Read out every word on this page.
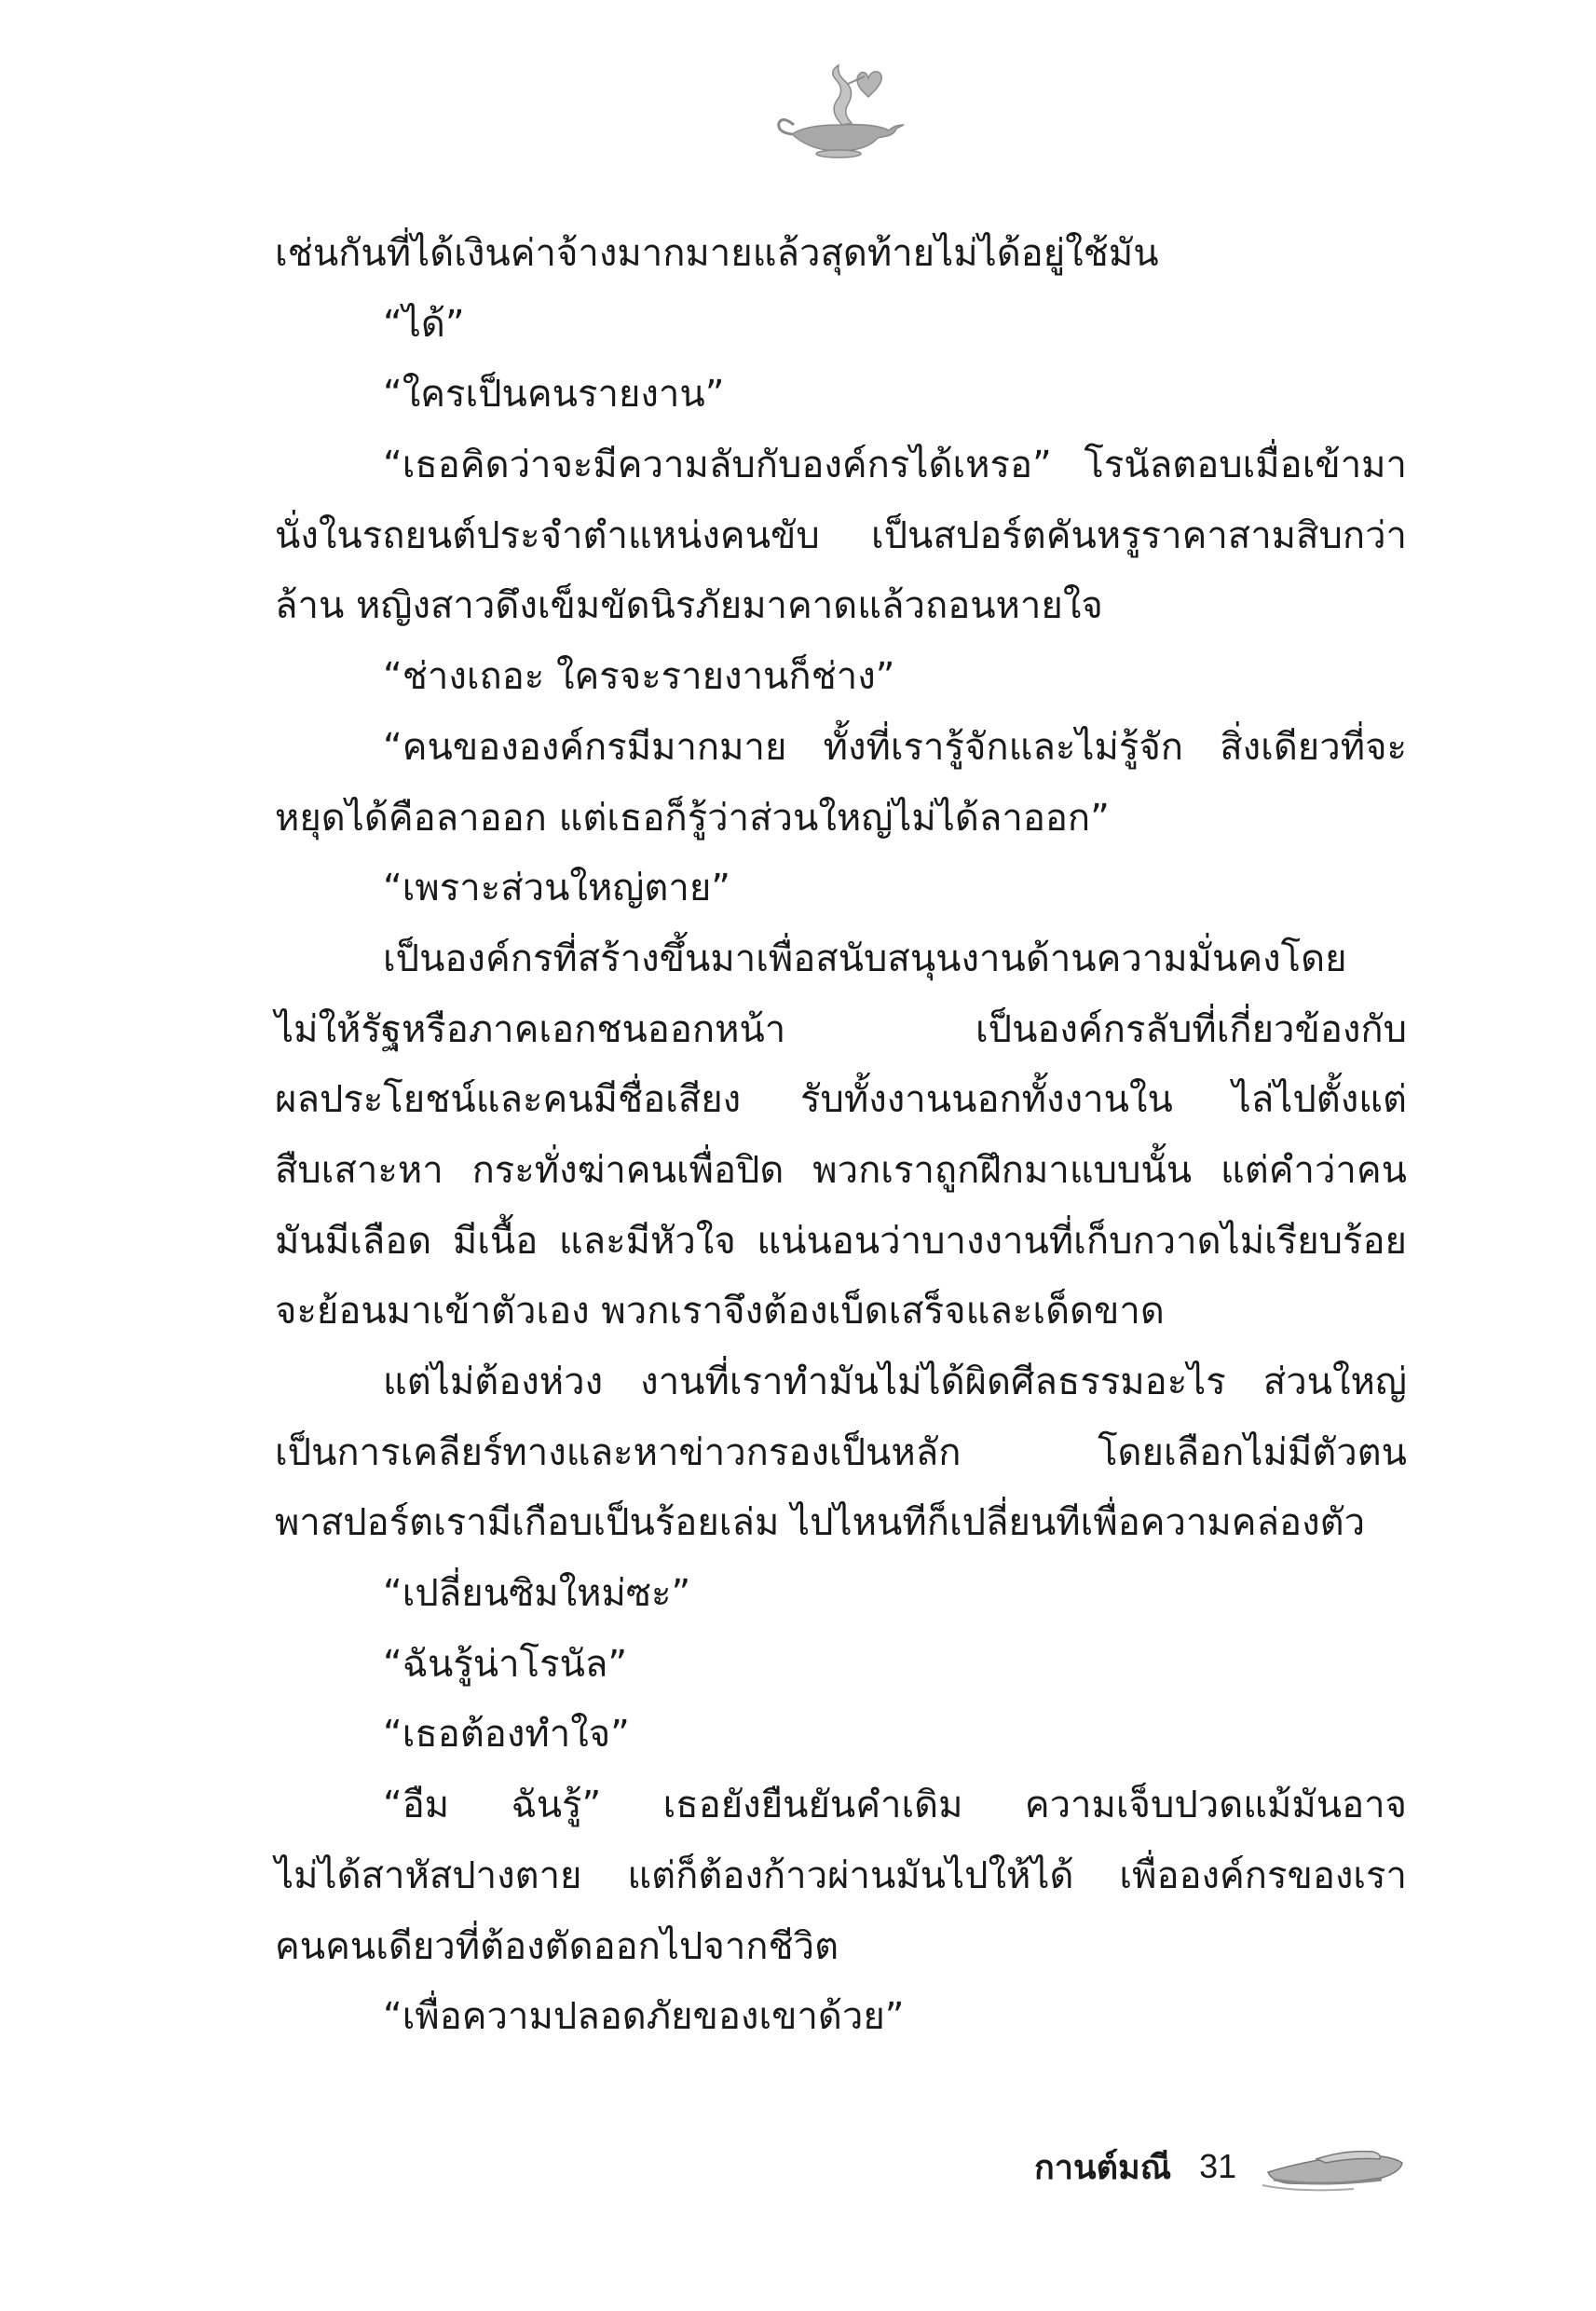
เช่นกันที่ได้เงินค่าจ้างมากมายแล้วสุดท้ายไม่ได้อยู่ใช้มัน
“ได้”
“ใครเป็นคนรายงาน”
“เธอคิดว่าจะมีความลับกับองค์กรได้เหรอ” โรนัลตอบเมื่อเข้ามา
นั่งในรถยนต์ประจำตำแหน่งคนขับ เป็นสปอร์ตคันหรูราคาสามสิบกว่า
ล้าน หญิงสาวดึงเข็มขัดนิรภัยมาคาดแล้วถอนหายใจ
“ช่างเถอะ ใครจะรายงานก็ช่าง”
“คนขององค์กรมีมากมาย ทั้งที่เรารู้จักและไม่รู้จัก สิ่งเดียวที่จะ
หยุดได้คือลาออก แต่เธอก็รู้ว่าส่วนใหญ่ไม่ได้ลาออก”
“เพราะส่วนใหญ่ตาย”
เป็นองค์กรที่สร้างขึ้นมาเพื่อสนับสนุนงานด้านความมั่นคงโดย
ไม่ให้รัฐหรือภาคเอกชนออกหน้า เป็นองค์กรลับที่เกี่ยวข้องกับ
ผลประโยชน์และคนมีชื่อเสียง รับทั้งงานนอกทั้งงานใน ไล่ไปตั้งแต่
สืบเสาะหา กระทั่งฆ่าคนเพื่อปิด พวกเราถูกฝึกมาแบบนั้น แต่คำว่าคน
มันมีเลือด มีเนื้อ และมีหัวใจ แน่นอนว่าบางงานที่เก็บกวาดไม่เรียบร้อย
จะย้อนมาเข้าตัวเอง พวกเราจึงต้องเบ็ดเสร็จและเด็ดขาด
แต่ไม่ต้องห่วง งานที่เราทำมันไม่ได้ผิดศีลธรรมอะไร ส่วนใหญ่
เป็นการเคลียร์ทางและหาข่าวกรองเป็นหลัก โดยเลือกไม่มีตัวตน
พาสปอร์ตเรามีเกือบเป็นร้อยเล่ม ไปไหนทีก็เปลี่ยนทีเพื่อความคล่องตัว
“เปลี่ยนซิมใหม่ซะ”
“ฉันรู้น่าโรนัล”
“เธอต้องทำใจ”
“อืม ฉันรู้” เธอยังยืนยันคำเดิม ความเจ็บปวดแม้มันอาจ
ไม่ได้สาหัสปางตาย แต่ก็ต้องก้าวผ่านมันไปให้ได้ เพื่อองค์กรของเรา
คนคนเดียวที่ต้องตัดออกไปจากชีวิต
“เพื่อความปลอดภัยของเขาด้วย”
กานต์มณี 31
